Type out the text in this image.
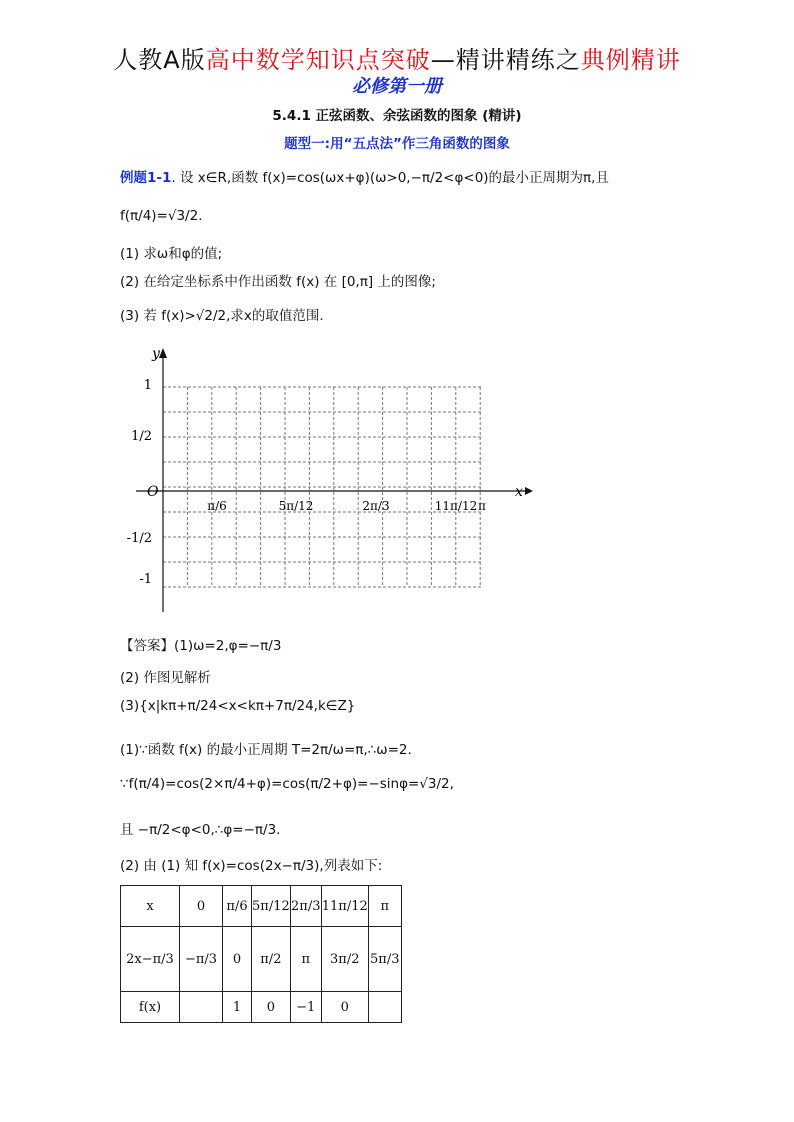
人教A版高中数学知识点突破—精讲精练之典例精讲
必修第一册
5.4.1 正弦函数、余弦函数的图象 (精讲)
题型一:用“五点法”作三角函数的图象
例题1-1. 设 x∈R,函数 f(x)=cos(ωx+φ)(ω>0,−π/2<φ<0)的最小正周期为π,且
f(π/4)=√3/2.
(1) 求ω和φ的值;
(2) 在给定坐标系中作出函数 f(x) 在 [0,π] 上的图像;
(3) 若 f(x)>√2/2,求x的取值范围.
x
y
O
1
1/2
-1/2
-1
π/6	5π/12	2π/3	11π/12 π
【答案】(1)ω=2,φ=−π/3
(2) 作图见解析
(3){x|kπ+π/24<x<kπ+7π/24,k∈Z}
(1)∵函数 f(x) 的最小正周期 T=2π/ω=π,∴ω=2.
∵f(π/4)=cos(2×π/4+φ)=cos(π/2+φ)=−sinφ=√3/2,
且 −π/2<φ<0,∴φ=−π/3.
(2) 由 (1) 知 f(x)=cos(2x−π/3),列表如下:
x	0	π/6	5π/12	2π/3	11π/12	π
2x−π/3	−π/3	0	π/2	π	3π/2	5π/3
f(x)		1	0	−1	0	
